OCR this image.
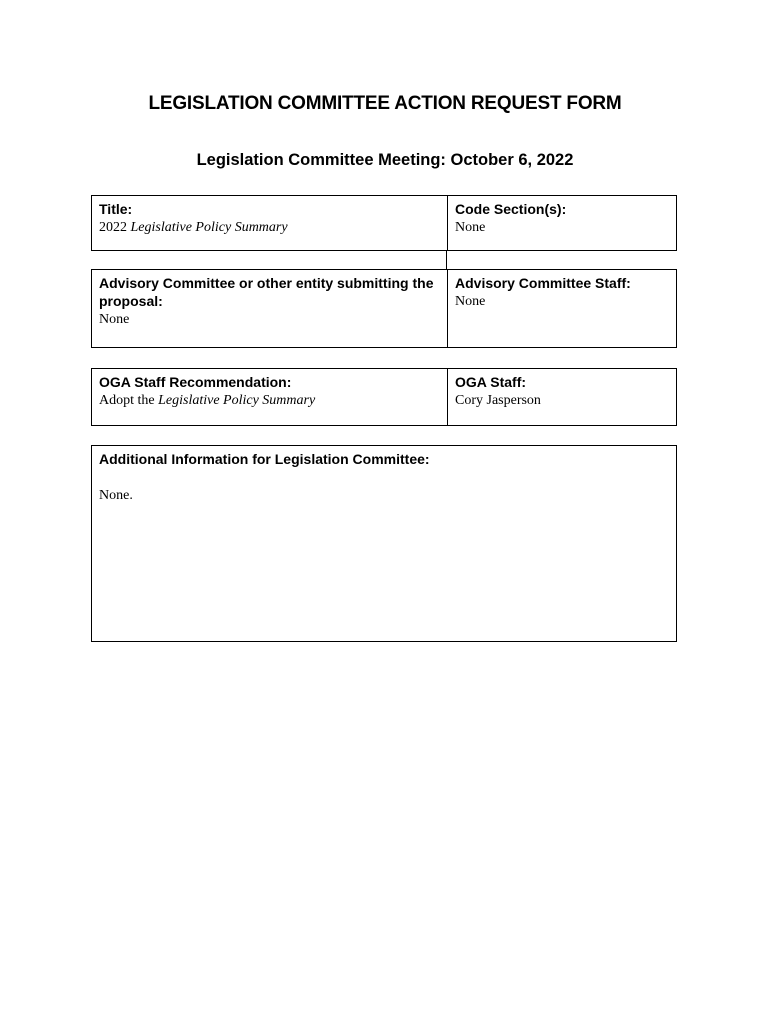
LEGISLATION COMMITTEE ACTION REQUEST FORM
Legislation Committee Meeting: October 6, 2022
Title:
2022 Legislative Policy Summary
Code Section(s):
None
Advisory Committee or other entity submitting the proposal:
None
Advisory Committee Staff:
None
OGA Staff Recommendation:
Adopt the Legislative Policy Summary
OGA Staff:
Cory Jasperson
Additional Information for Legislation Committee:
None.
